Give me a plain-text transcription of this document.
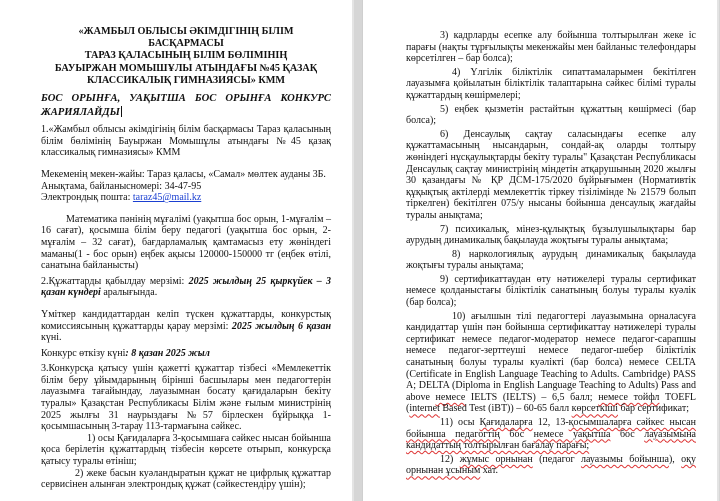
«ЖАМБЫЛ ОБЛЫСЫ ӘКІМДІГІНІҢ БІЛІМ БАСҚАРМАСЫ
ТАРАЗ ҚАЛАСЫНЫҢ БІЛІМ БӨЛІМІНІҢ
БАУЫРЖАН МОМЫШҰЛЫ АТЫНДАҒЫ №45 ҚАЗАҚ
КЛАССИКАЛЫҚ ГИМНАЗИЯСЫ» КММ

БОС ОРЫНҒА, УАҚЫТША БОС ОРЫНҒА КОНКУРС

ЖАРИЯЛАЙДЫ

1.«Жамбыл облысы әкімдігінің білім басқармасы Тараз қаласының білім бөлімінің Бауыржан Момышұлы атындағы №45 қазақ классикалық гимназиясы» КММ

Мекеменің мекен-жайы: Тараз қаласы, «Самал» мөлтек ауданы 3Б.

Анықтама, байланысномері: 34-47-95

Электрондық пошта: taraz45@mail.kz

Математика пәнінің мұғалімі (уақытша бос орын, 1-мұғалім –16 сағат), қосымша білім беру педагогі (уақытша бос орын, 2-мұғалім – 32 сағат), бағдарламалық қамтамасыз ету жөніндегі маманы(1 - бос орын) еңбек ақысы 120000-150000 тг (еңбек өтілі, санатына байланысты)

2.Құжаттарды қабылдау мерзімі: 2025 жылдың 25 қыркүйек – 3 қазан күндері аралығында.

Үміткер кандидаттардан келіп түскен құжаттарды, конкурстық комиссиясының құжаттарды қарау мерзімі: 2025 жылдың 6 қазан күні.

Конкурс өткізу күні: 8 қазан 2025 жыл

3.Конкурсқа қатысу үшін қажетті құжаттар тізбесі «Мемлекеттік білім беру ұйымдарының бірінші басшылары мен педагогтерін лауазымға тағайындау, лауазымнан босату қағидаларын бекіту туралы» Қазақстан Республикасы Білім және ғылым министрінің 2025 жылғы 31 наурыздағы №57 бірлескен бұйрыққа 1-қосымшасының 3-тарау 113-тармағына сәйкес.

1) осы Қағидаларға 3-қосымшаға сәйкес нысан бойынша қоса берілетін құжаттардың тізбесін көрсете отырып, конкурсқа қатысу туралы өтініш;

2) жеке басын куәландыратын құжат не цифрлық құжаттар сервисінен алынған электрондық құжат (сәйкестендіру үшін);

3) кадрларды есепке алу бойынша толтырылған жеке іс парағы (нақты тұрғылықты мекенжайы мен байланыс телефондары көрсетілген – бар болса);

4) Үлгілік біліктілік сипаттамаларымен бекітілген лауазымға қойылатын біліктілік талаптарына сәйкес білімі туралы құжаттардың көшірмелері;

5) еңбек қызметін растайтын құжаттың көшірмесі (бар болса);

6) Денсаулық сақтау саласындағы есепке алу құжаттамасының нысандарын, сондай-ақ оларды толтыру жөніндегі нұсқаулықтарды бекіту туралы" Қазақстан Республикасы Денсаулық сақтау министрінің міндетін атқарушының 2020 жылғы 30 қазандағы № ҚР ДСМ-175/2020 бұйрығымен (Нормативтік құқықтық актілерді мемлекеттік тіркеу тізілімінде № 21579 болып тіркелген) бекітілген 075/у нысаны бойынша денсаулық жағдайы туралы анықтама;

7) психикалық, мінез-құлықтық бұзылушылықтары бар аурудың динамикалық бақылауда жоқтығы туралы анықтама;

8) наркологиялық аурудың динамикалық бақылауда жоқтығы туралы анықтама;

9) сертификаттаудан өту нәтижелері туралы сертификат немесе қолданыстағы біліктілік санатының болуы туралы куәлік (бар болса);

10) ағылшын тілі педагогтері лауазымына орналасуға кандидаттар үшін пән бойынша сертификаттау нәтижелері туралы сертификат немесе педагог-модератор немесе педагог-сарапшы немесе педагог-зерттеуші немесе педагог-шебер біліктілік санатының болуы туралы куәлікті (бар болса) немесе CELTA (Certificate in English Language Teaching to Adults. Cambridge) PASS A; DELTA (Diploma in English Language Teaching to Adults) Pass and above немесе IELTS (IELTS) – 6,5 балл; немесе тойфл TOEFL (internet Based Test (iBT)) – 60-65 балл көрсеткіші бар сертификат;

11) осы Қағидаларға 12, 13-қосымшаларға сәйкес нысан бойынша педагогтің бос немесе уақытша бос лауазымына кандидаттың толтырылған бағалау парағы;

12) жұмыс орнынан (педагог лауазымы бойынша), оқу орнынан ұсыным хат.
